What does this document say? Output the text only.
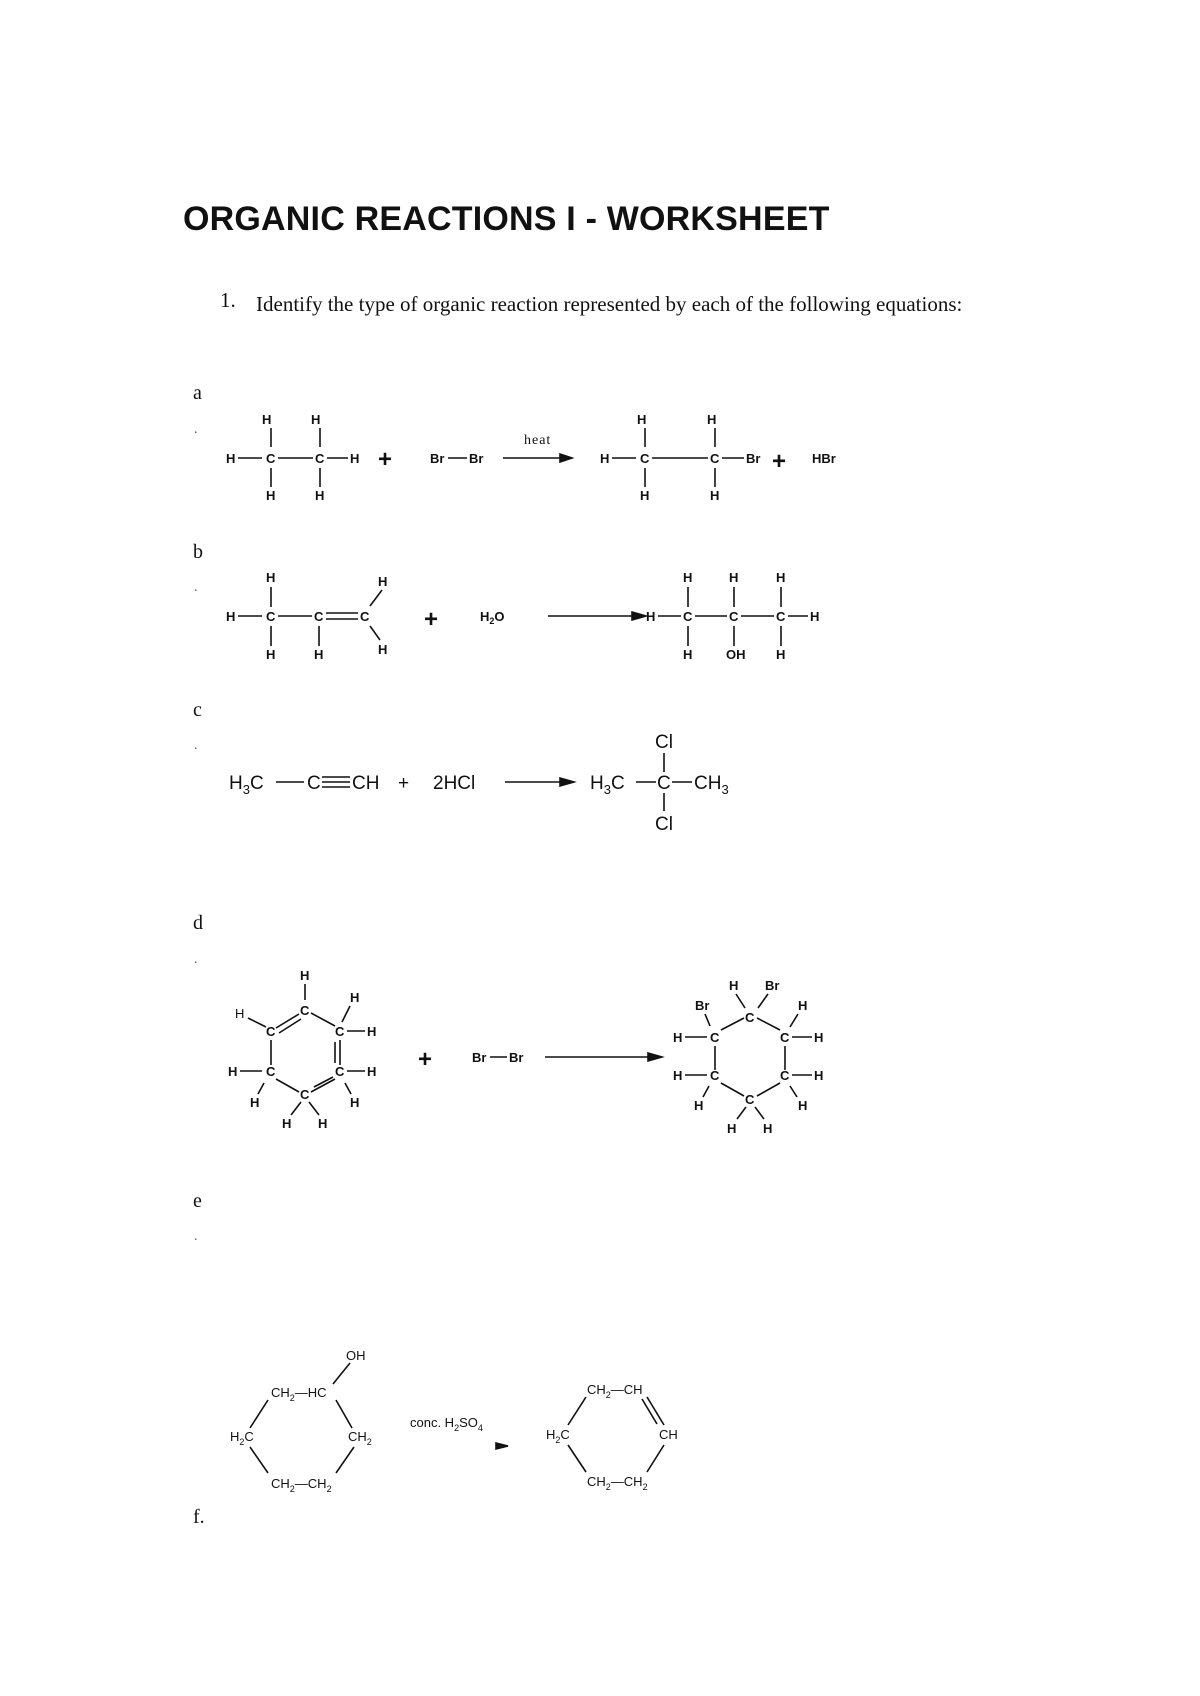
ORGANIC REACTIONS I - WORKSHEET
1. Identify the type of organic reaction represented by each of the following equations:
a
.
b
.
c
.
d
.
e
.
f.
H	H
H C	C H
H	H
+	Br Br
heat
H	H
H C	C Br
H	H
+ HBr
H
H C	C	C
H	H
H
H
+	$H_2O$	H C	C	C H
H	H	H
H	OH H
$H_3C$ C CH + 2HCl
Cl
$H_3C$ C $CH_3$
Cl
H
C
H
C
H
C H
H C	C H
C
H	H
H H
+	Br Br
H Br
C
Br	H
H C	C H
H C	C H
C
H	H
H H
OH
$CH_2—HC$
$H_2C$	$CH_2$
$CH_2—CH_2$
conc. $H_2SO_4$
$CH_2—CH$
$H_2C$	CH
$CH_2—CH_2$
